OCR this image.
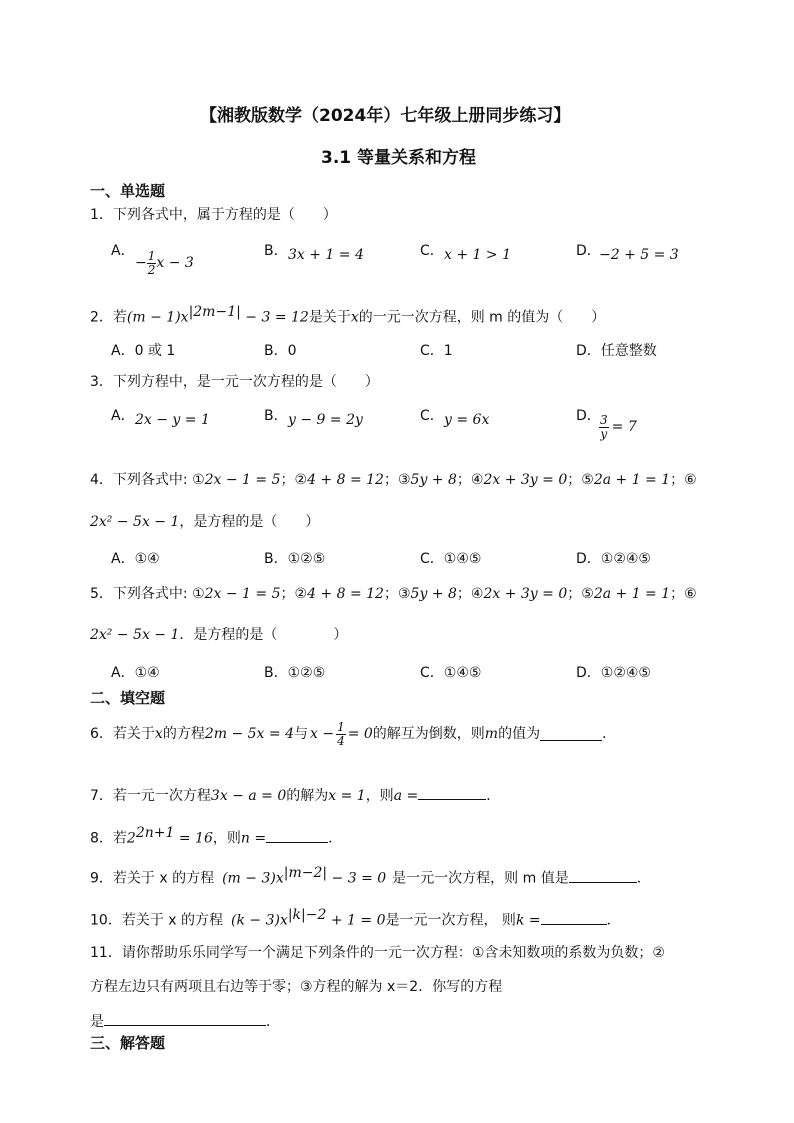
【湘教版数学（2024年）七年级上册同步练习】
3.1 等量关系和方程
一、单选题
1．下列各式中，属于方程的是（　　）
A．
− $\frac{1}{2}$ x − 3
B． 3x + 1 = 4	C． x + 1 > 1	D．
−2 + 5 = 3
2．若$(m - 1)x^{|2m-1|} - 3 = 12$是关于x的一元一次方程，则 m 的值为（　　）
A．0 或 1	B．0	C．1	D．任意整数
3．下列方程中，是一元一次方程的是（　　）
A． 2x − y = 1	B． y − 9 = 2y	C． y = 6x	D．
$\frac{3}{y} = 7$
4．下列各式中: ①2x − 1 = 5；②4 + 8 = 12；③5y + 8；④2x + 3y = 0；⑤2a + 1 = 1；⑥
2x² − 5x − 1，是方程的是（　　）
A．①④	B．①②⑤	C．①④⑤	D．①②④⑤
5．下列各式中: ①2x − 1 = 5；②4 + 8 = 12；③5y + 8；④2x + 3y = 0；⑤2a + 1 = 1；⑥
2x² − 5x − 1．是方程的是（　　　　）
A．①④	B．①②⑤	C．①④⑤	D．①②④⑤
二、填空题
6．若关于 x 的方程 2m − 5x = 4 与 $x - \frac{1}{4} = 0$ 的解互为倒数，则 m 的值为	．
7．若一元一次方程3x − a = 0的解为x = 1，则a =	．
8．若$2^{2n+1} = 16$，则n =	．
9．若关于 x 的方程 $(m - 3)x^{|m-2|} - 3 = 0$ 是一元一次方程，则 m 值是	．
10．若关于 x 的方程 $(k - 3)x^{|k|-2} + 1 = 0$是一元一次方程， 则k =	．
11．请你帮助乐乐同学写一个满足下列条件的一元一次方程：①含未知数项的系数为负数；②
方程左边只有两项且右边等于零；③方程的解为 x＝2．你写的方程
是	．
三、解答题
